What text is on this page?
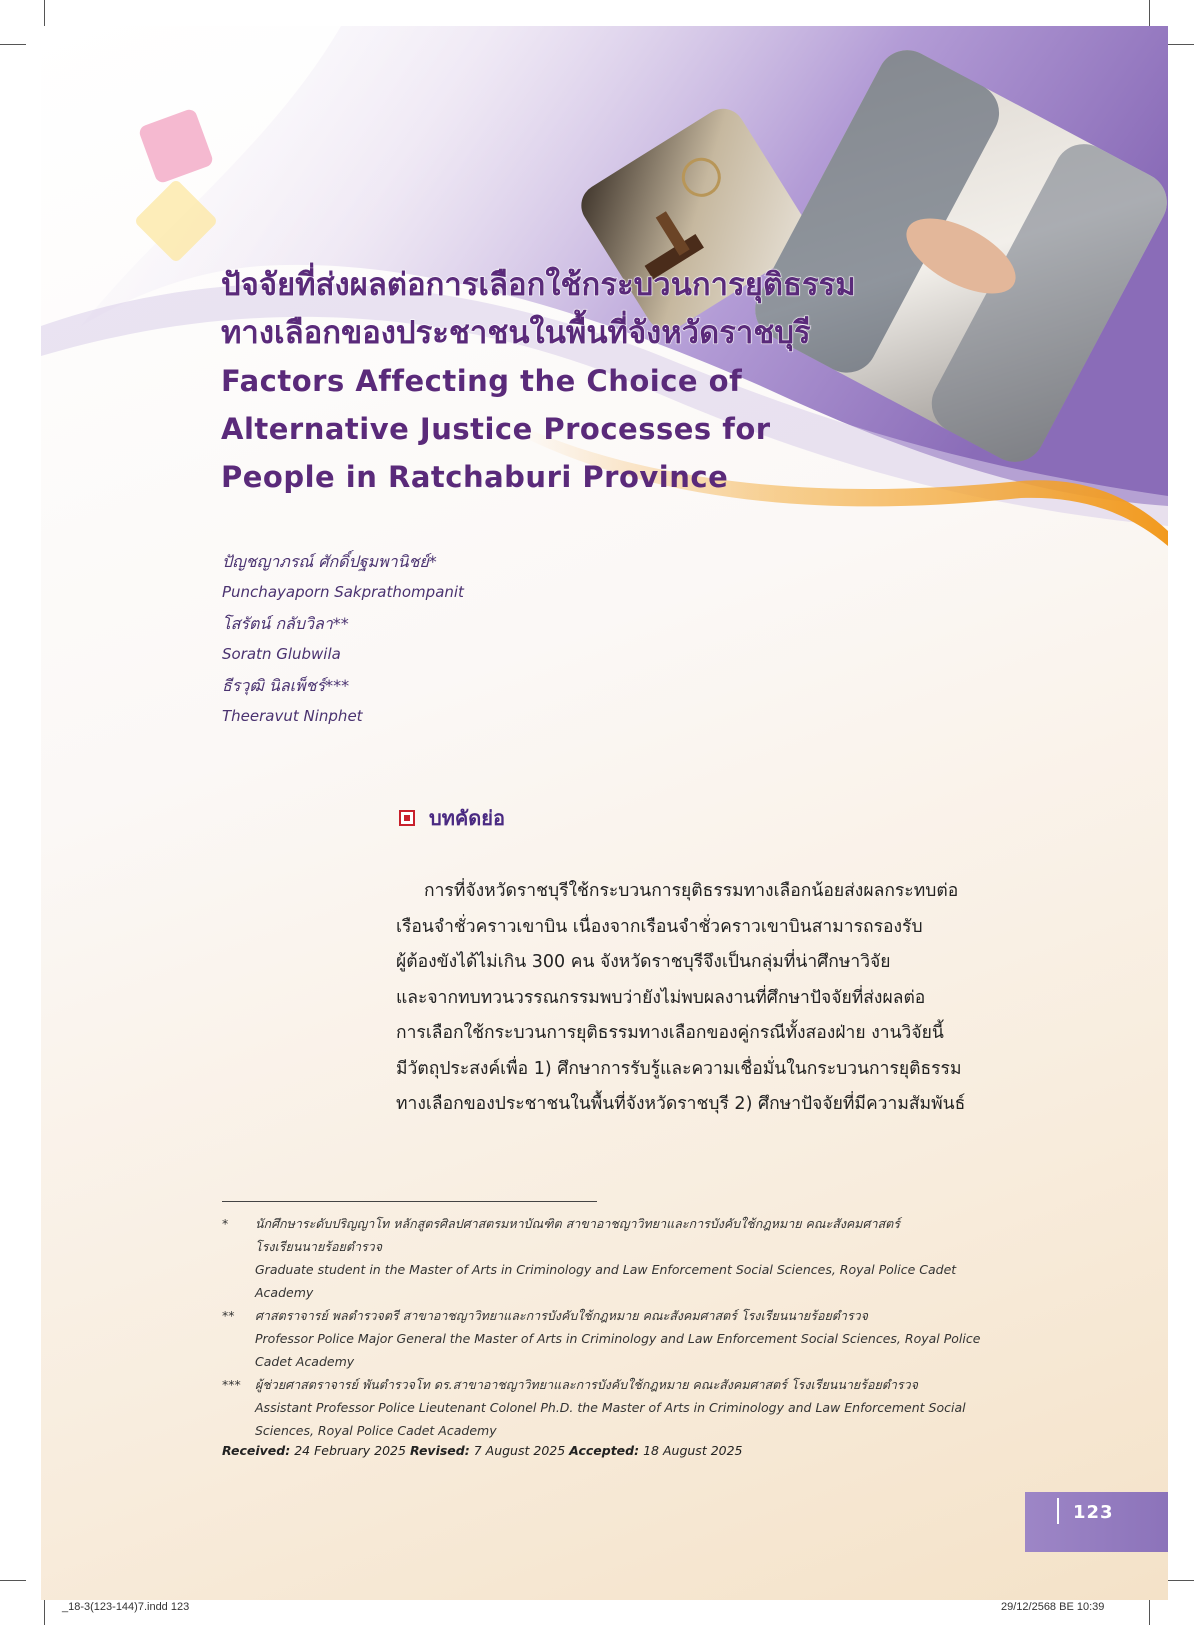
ปัจจัยที่ส่งผลต่อการเลือกใช้กระบวนการยุติธรรม
ทางเลือกของประชาชนในพื้นที่จังหวัดราชบุรี
Factors Affecting the Choice of
Alternative Justice Processes for
People in Ratchaburi Province
ปัญชญาภรณ์ ศักดิ์ปฐมพานิชย์*
Punchayaporn Sakprathompanit
โสรัตน์ กลับวิลา**
Soratn Glubwila
ธีรวุฒิ นิลเพ็ชร์***
Theeravut Ninphet
บทคัดย่อ
การที่จังหวัดราชบุรีใช้กระบวนการยุติธรรมทางเลือกน้อยส่งผลกระทบต่อ
เรือนจำชั่วคราวเขาบิน เนื่องจากเรือนจำชั่วคราวเขาบินสามารถรองรับ
ผู้ต้องขังได้ไม่เกิน 300 คน จังหวัดราชบุรีจึงเป็นกลุ่มที่น่าศึกษาวิจัย
และจากทบทวนวรรณกรรมพบว่ายังไม่พบผลงานที่ศึกษาปัจจัยที่ส่งผลต่อ
การเลือกใช้กระบวนการยุติธรรมทางเลือกของคู่กรณีทั้งสองฝ่าย งานวิจัยนี้
มีวัตถุประสงค์เพื่อ 1) ศึกษาการรับรู้และความเชื่อมั่นในกระบวนการยุติธรรม
ทางเลือกของประชาชนในพื้นที่จังหวัดราชบุรี 2) ศึกษาปัจจัยที่มีความสัมพันธ์
*	นักศึกษาระดับปริญญาโท หลักสูตรศิลปศาสตรมหาบัณฑิต สาขาอาชญาวิทยาและการบังคับใช้กฎหมาย คณะสังคมศาสตร์
โรงเรียนนายร้อยตำรวจ
Graduate student in the Master of Arts in Criminology and Law Enforcement Social Sciences, Royal Police Cadet
Academy
**	ศาสตราจารย์ พลตำรวจตรี สาขาอาชญาวิทยาและการบังคับใช้กฎหมาย คณะสังคมศาสตร์ โรงเรียนนายร้อยตำรวจ
Professor Police Major General the Master of Arts in Criminology and Law Enforcement Social Sciences, Royal Police
Cadet Academy
***	ผู้ช่วยศาสตราจารย์ พันตำรวจโท ดร.สาขาอาชญาวิทยาและการบังคับใช้กฎหมาย คณะสังคมศาสตร์ โรงเรียนนายร้อยตำรวจ
Assistant Professor Police Lieutenant Colonel Ph.D. the Master of Arts in Criminology and Law Enforcement Social
Sciences, Royal Police Cadet Academy
Received: 24 February 2025 Revised: 7 August 2025 Accepted: 18 August 2025
123
_18-3(123-144)7.indd 123	29/12/2568 BE 10:39
